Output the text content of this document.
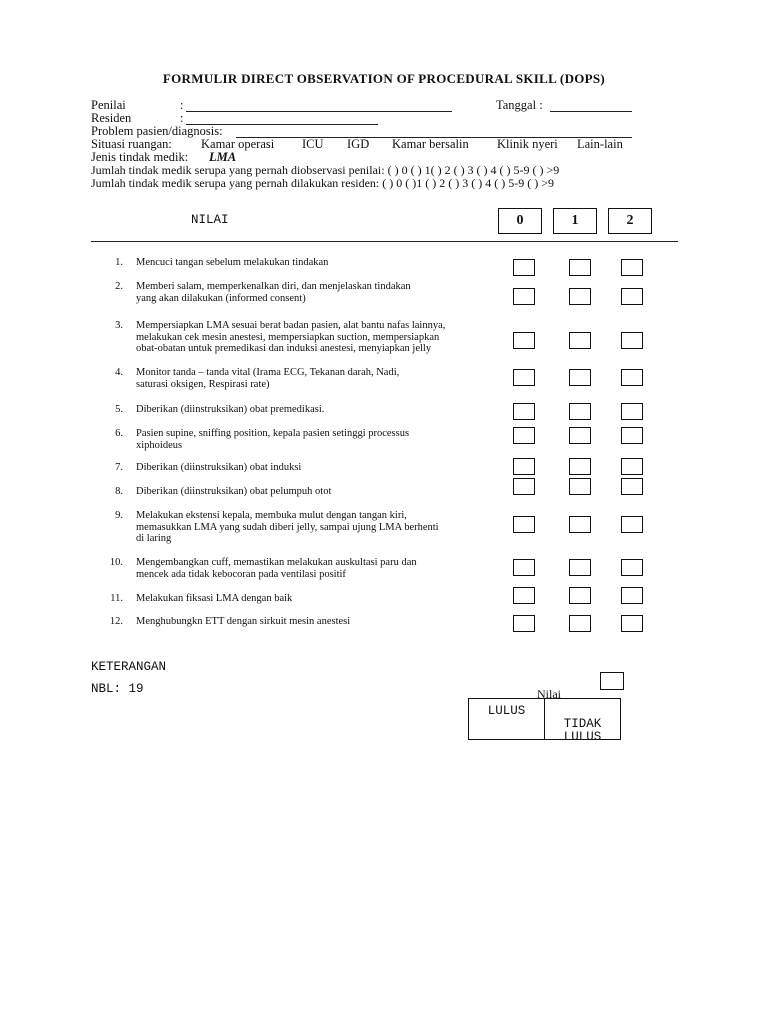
FORMULIR DIRECT OBSERVATION OF PROCEDURAL SKILL (DOPS)
Penilai	:	Tanggal :
Residen	:
Problem pasien/diagnosis:
Situasi ruangan: Kamar operasi ICU IGD Kamar bersalin Klinik nyeri Lain-lain
Jenis tindak medik: LMA
Jumlah tindak medik serupa yang pernah diobservasi penilai: ( ) 0 ( ) 1( ) 2 ( ) 3 ( ) 4 ( ) 5-9 ( ) >9
Jumlah tindak medik serupa yang pernah dilakukan residen: ( ) 0 ( )1 ( ) 2 ( ) 3 ( ) 4 ( ) 5-9 ( ) >9
NILAI	0	1	2
1. Mencuci tangan sebelum melakukan tindakan
2. Memberi salam, memperkenalkan diri, dan menjelaskan tindakan
yang akan dilakukan (informed consent)
3. Mempersiapkan LMA sesuai berat badan pasien, alat bantu nafas lainnya,
melakukan cek mesin anestesi, mempersiapkan suction, mempersiapkan
obat-obatan untuk premedikasi dan induksi anestesi, menyiapkan jelly
4. Monitor tanda – tanda vital (Irama ECG, Tekanan darah, Nadi,
saturasi oksigen, Respirasi rate)
5. Diberikan (diinstruksikan) obat premedikasi.
6. Pasien supine, sniffing position, kepala pasien setinggi processus
xiphoideus
7. Diberikan (diinstruksikan) obat induksi
8. Diberikan (diinstruksikan) obat pelumpuh otot
9. Melakukan ekstensi kepala, membuka mulut dengan tangan kiri,
memasukkan LMA yang sudah diberi jelly, sampai ujung LMA berhenti
di laring
10. Mengembangkan cuff, memastikan melakukan auskultasi paru dan
mencek ada tidak kebocoran pada ventilasi positif
11. Melakukan fiksasi LMA dengan baik
12. Menghubungkn ETT dengan sirkuit mesin anestesi
KETERANGAN
NBL: 19	Nilai
LULUS

TIDAK
LULUS
